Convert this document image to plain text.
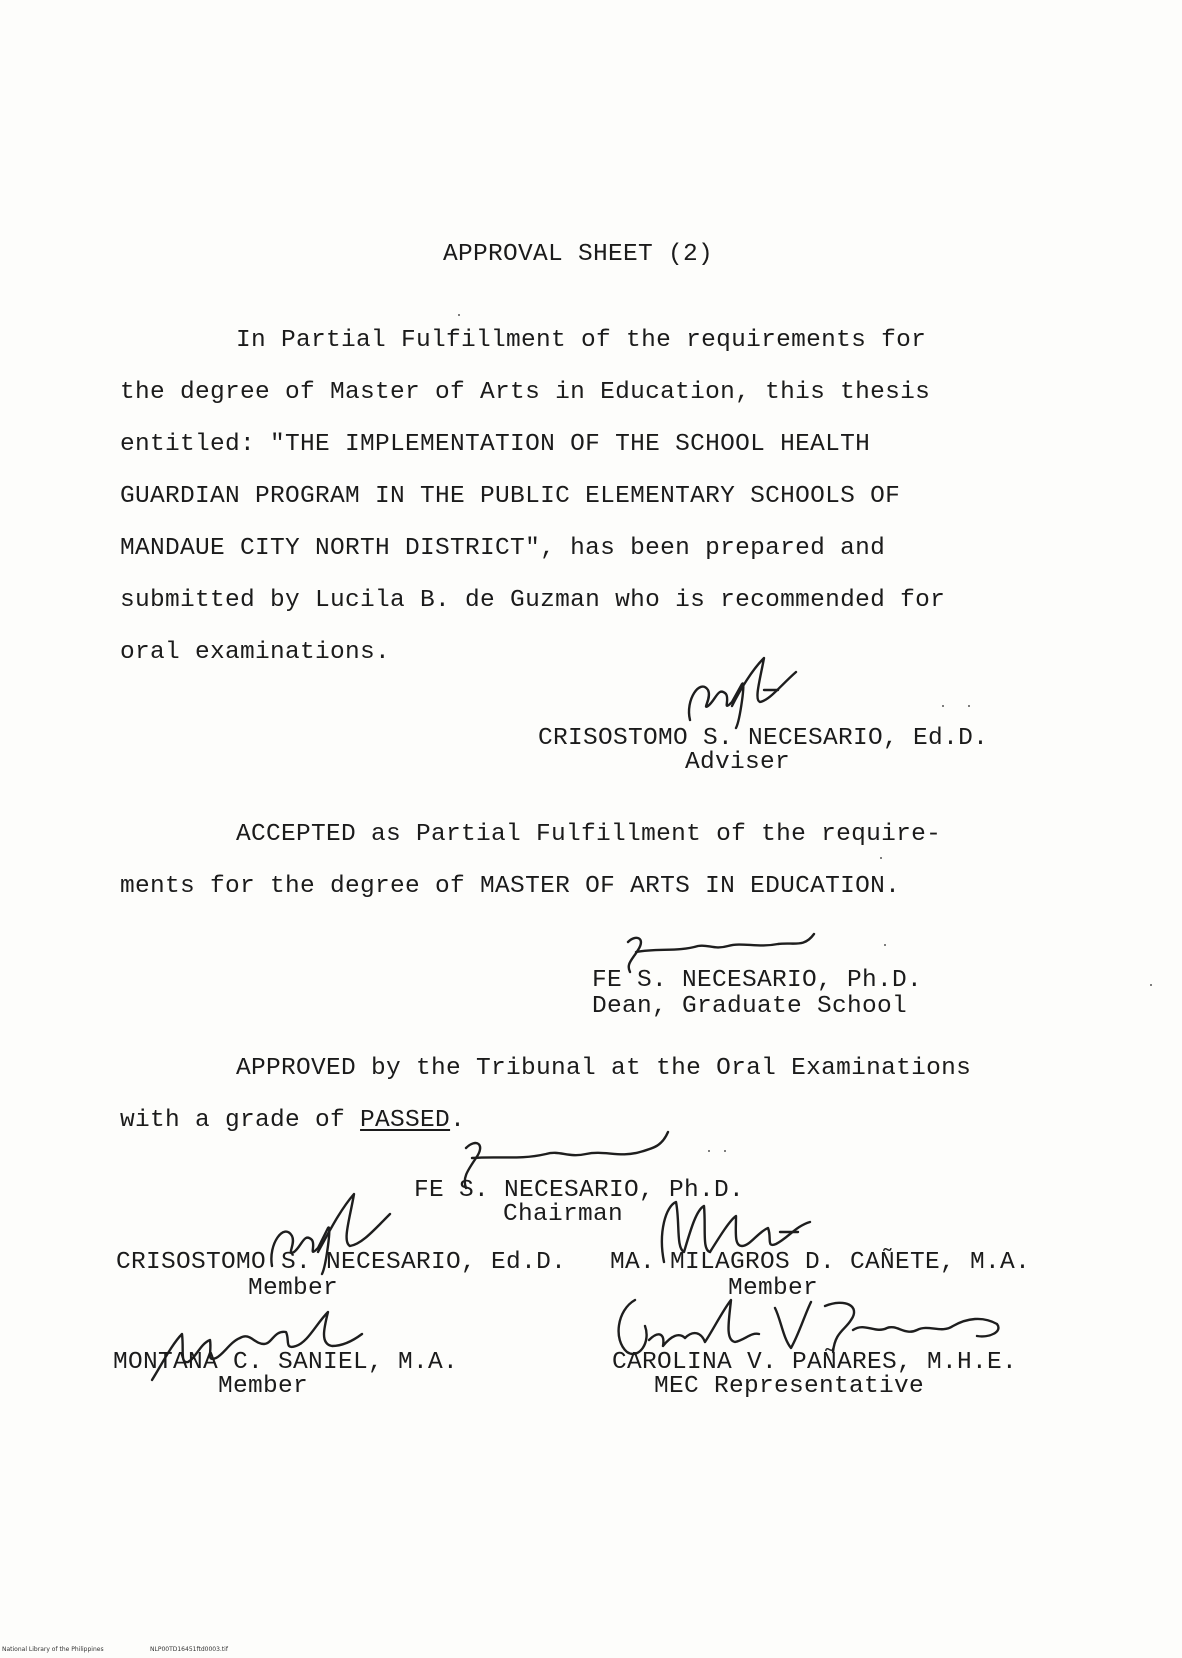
APPROVAL SHEET (2)
In Partial Fulfillment of the requirements for
the degree of Master of Arts in Education, this thesis
entitled: "THE IMPLEMENTATION OF THE SCHOOL HEALTH
GUARDIAN PROGRAM IN THE PUBLIC ELEMENTARY SCHOOLS OF
MANDAUE CITY NORTH DISTRICT", has been prepared and
submitted by Lucila B. de Guzman who is recommended for
oral examinations.
CRISOSTOMO S. NECESARIO, Ed.D.
Adviser
ACCEPTED as Partial Fulfillment of the require-
ments for the degree of MASTER OF ARTS IN EDUCATION.
FE S. NECESARIO, Ph.D.
Dean, Graduate School
APPROVED by the Tribunal at the Oral Examinations
with a grade of PASSED.
FE S. NECESARIO, Ph.D.
Chairman
CRISOSTOMO S. NECESARIO, Ed.D.
Member
MA. MILAGROS D. CAÑETE, M.A.
Member
MONTANA C. SANIEL, M.A.
Member
CAROLINA V. PAÑARES, M.H.E.
MEC Representative
National Library of the Philippines	NLP00TD16451ftd0003.tif
